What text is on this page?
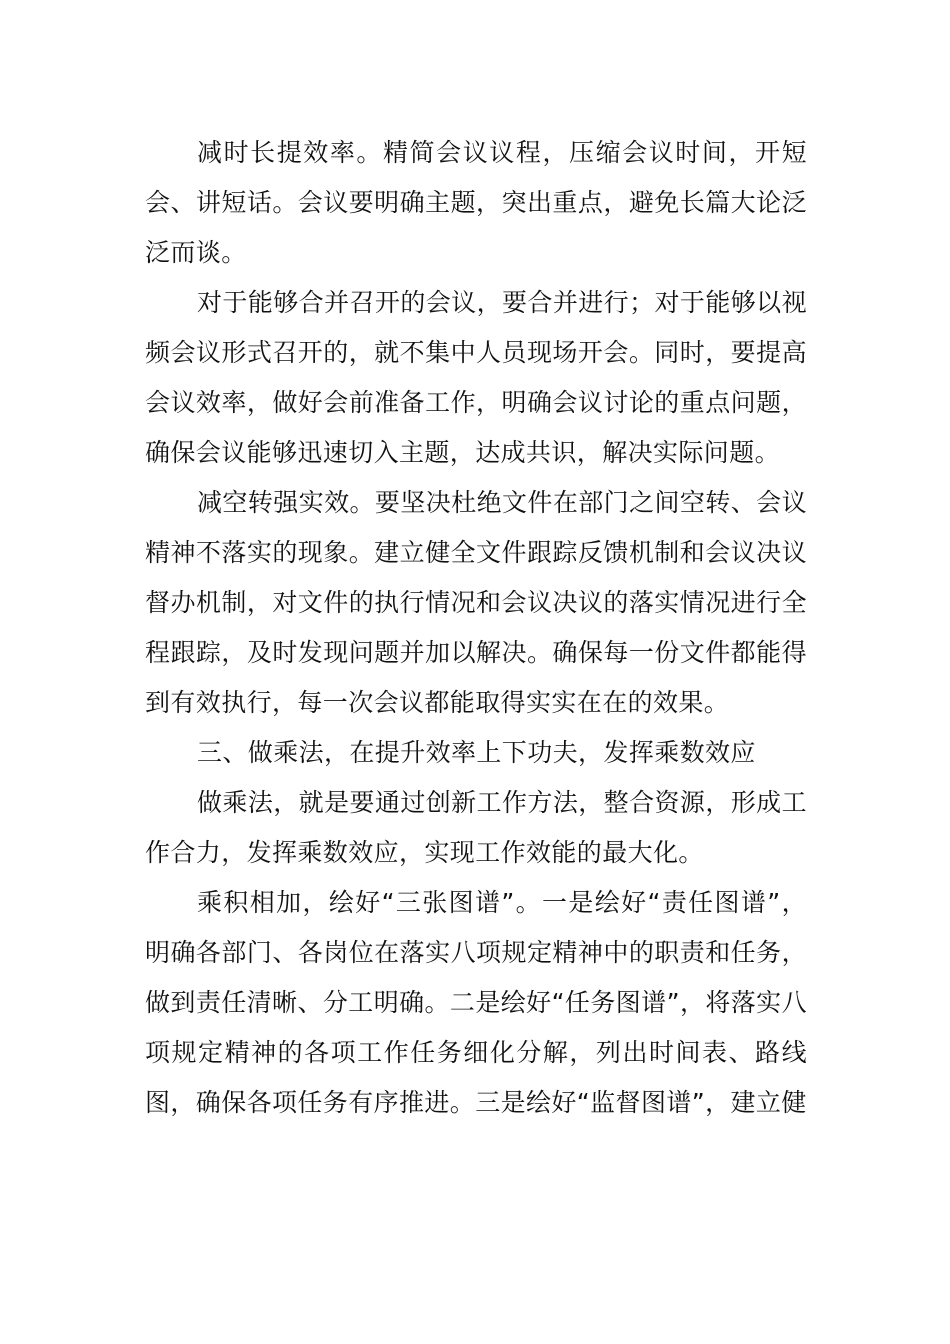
减时长提效率。精简会议议程，压缩会议时间，开短会、讲短话。会议要明确主题，突出重点，避免长篇大论泛泛而谈。

对于能够合并召开的会议，要合并进行；对于能够以视频会议形式召开的，就不集中人员现场开会。同时，要提高会议效率，做好会前准备工作，明确会议讨论的重点问题，确保会议能够迅速切入主题，达成共识，解决实际问题。

减空转强实效。要坚决杜绝文件在部门之间空转、会议精神不落实的现象。建立健全文件跟踪反馈机制和会议决议督办机制，对文件的执行情况和会议决议的落实情况进行全程跟踪，及时发现问题并加以解决。确保每一份文件都能得到有效执行，每一次会议都能取得实实在在的效果。

三、做乘法，在提升效率上下功夫，发挥乘数效应

做乘法，就是要通过创新工作方法，整合资源，形成工作合力，发挥乘数效应，实现工作效能的最大化。

乘积相加，绘好“三张图谱”。一是绘好“责任图谱”，明确各部门、各岗位在落实八项规定精神中的职责和任务，做到责任清晰、分工明确。二是绘好“任务图谱”，将落实八项规定精神的各项工作任务细化分解，列出时间表、路线图，确保各项任务有序推进。三是绘好“监督图谱”，建立健
